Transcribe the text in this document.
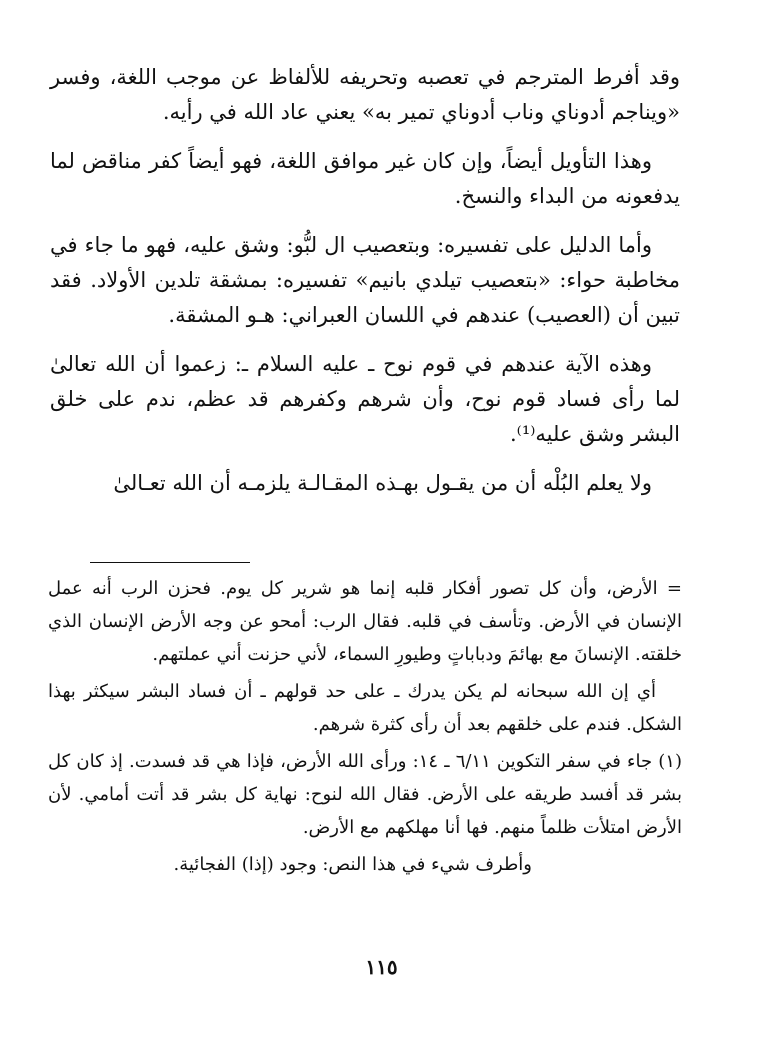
وقد أفرط المترجم في تعصبه وتحريفه للألفاظ عن موجب اللغة، وفسر «ويناجم أدوناي وناب أدوناي تمير به» يعني عاد الله في رأيه.

وهذا التأويل أيضاً، وإن كان غير موافق اللغة، فهو أيضاً كفر مناقض لما يدفعونه من البداء والنسخ.

وأما الدليل على تفسيره: وبتعصيب ال لبُّو: وشق عليه، فهو ما جاء في مخاطبة حواء: «بتعصيب تيلدي بانيم» تفسيره: بمشقة تلدين الأولاد. فقد تبين أن (العصيب) عندهم في اللسان العبراني: هـو المشقة.

وهذه الآية عندهم في قوم نوح ـ عليه السلام ـ: زعموا أن الله تعالىٰ لما رأى فساد قوم نوح، وأن شرهم وكفرهم قد عظم، ندم على خلق البشر وشق عليه⁽¹⁾.

ولا يعلم البُلْه أن من يقـول بهـذه المقـالـة يلزمـه أن الله تعـالىٰ

= الأرض، وأن كل تصور أفكار قلبه إنما هو شرير كل يوم. فحزن الرب أنه عمل الإنسان في الأرض. وتأسف في قلبه. فقال الرب: أمحو عن وجه الأرض الإنسان الذي خلقته. الإنسانَ مع بهائمَ ودباباتٍ وطيورِ السماء، لأني حزنت أني عملتهم.

أي إن الله سبحانه لم يكن يدرك ـ على حد قولهم ـ أن فساد البشر سيكثر بهذا الشكل. فندم على خلقهم بعد أن رأى كثرة شرهم.

(١) جاء في سفر التكوين ٦/١١ ـ ١٤: ورأى الله الأرض، فإذا هي قد فسدت. إذ كان كل بشر قد أفسد طريقه على الأرض. فقال الله لنوح: نهاية كل بشر قد أتت أمامي. لأن الأرض امتلأت ظلماً منهم. فها أنا مهلكهم مع الأرض.

وأطرف شيء في هذا النص: وجود (إذا) الفجائية.

١١٥
